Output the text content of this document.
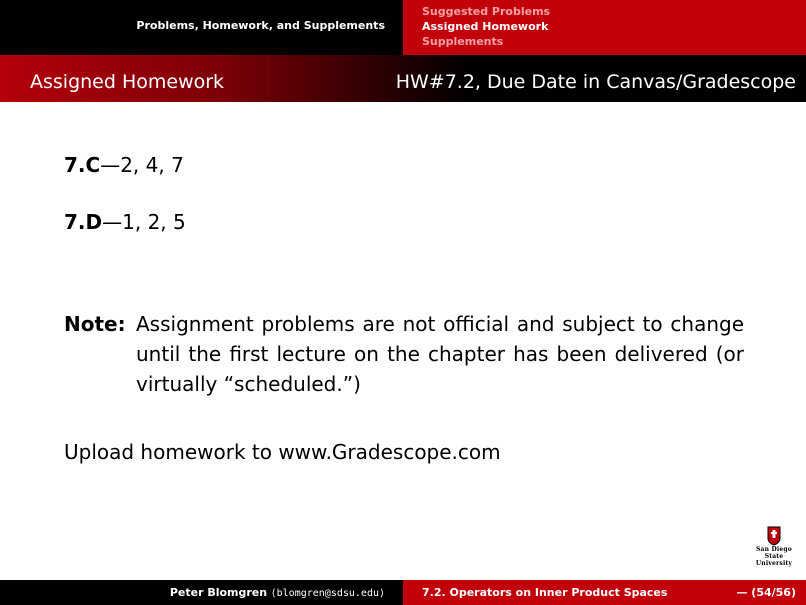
Problems, Homework, and Supplements
Suggested Problems
Assigned Homework
Supplements
Assigned Homework	HW#7.2, Due Date in Canvas/Gradescope
7.C—2, 4, 7
7.D—1, 2, 5
Note: Assignment problems are not official and subject to change until the first lecture on the chapter has been delivered (or virtually “scheduled.”)
Upload homework to www.Gradescope.com
San Diego State
University
Peter Blomgren ⟨blomgren@sdsu.edu⟩	7.2. Operators on Inner Product Spaces	— (54/56)
